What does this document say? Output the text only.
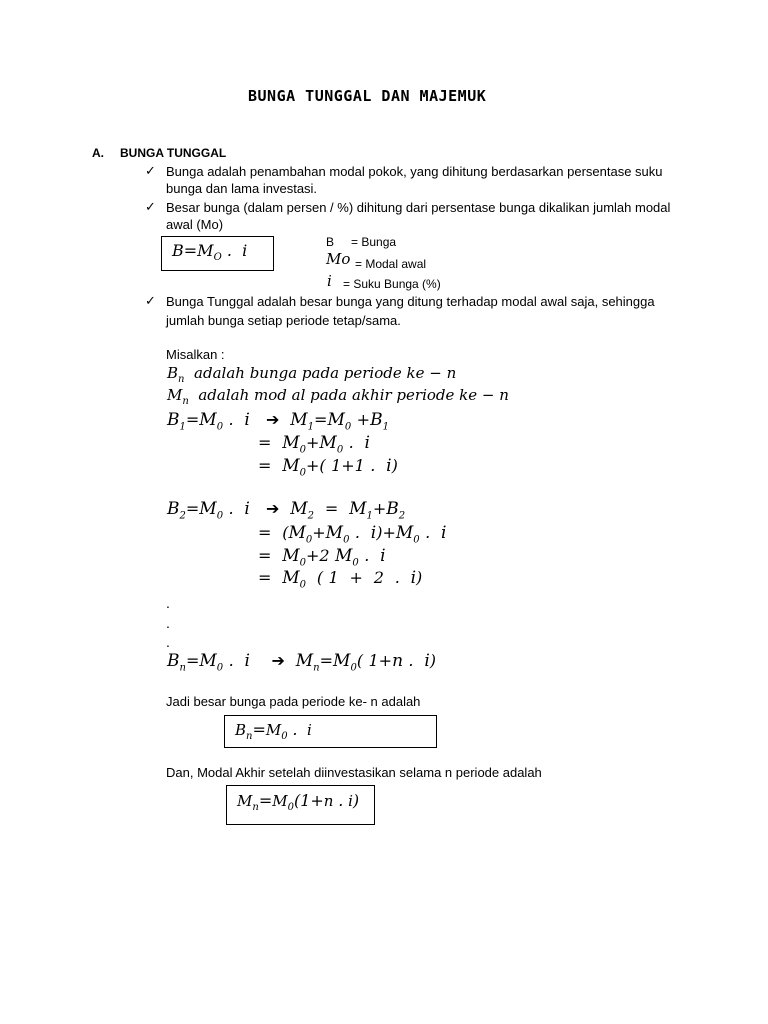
BUNGA TUNGGAL DAN MAJEMUK
A. BUNGA TUNGGAL
✓ Bunga adalah penambahan modal pokok, yang dihitung berdasarkan persentase suku
bunga dan lama investasi.
✓ Besar bunga (dalam persen / %) dihitung dari persentase bunga dikalikan jumlah modal
awal (Mo)
$B=M_O$ .  i	B = Bunga
Mo = Modal awal
i = Suku Bunga (%)
✓ Bunga Tunggal adalah besar bunga yang ditung terhadap modal awal saja, sehingga
jumlah bunga setiap periode tetap/sama.
Misalkan :
$B_n$ adalah bunga pada periode ke − n
$M_n$ adalah mod al pada akhir periode ke − n
$B_1=M_0$ .  i   ➔  $M_1=M_0 +B_1$
=  $M_0+M_0$ .  i
=  $M_0+$( 1+1 .  i)
$B_2=M_0$ .  i   ➔  $M_2 = M_1+B_2$
= ($M_0+M_0$ .  $i)+M_0$ .  i
=  $M_0+2$ $M_0$ .  i
=  $M_0$ ( 1 + 2 .  i)
.
.
.
$B_n=M_0$ .  i    ➔  $M_n=M_0$( 1+n .  i)
Jadi besar bunga pada periode ke- n adalah
$B_n=M_0$ .  i
Dan, Modal Akhir setelah diinvestasikan selama n periode adalah
$M_n=M_0(1+n$ . i)
